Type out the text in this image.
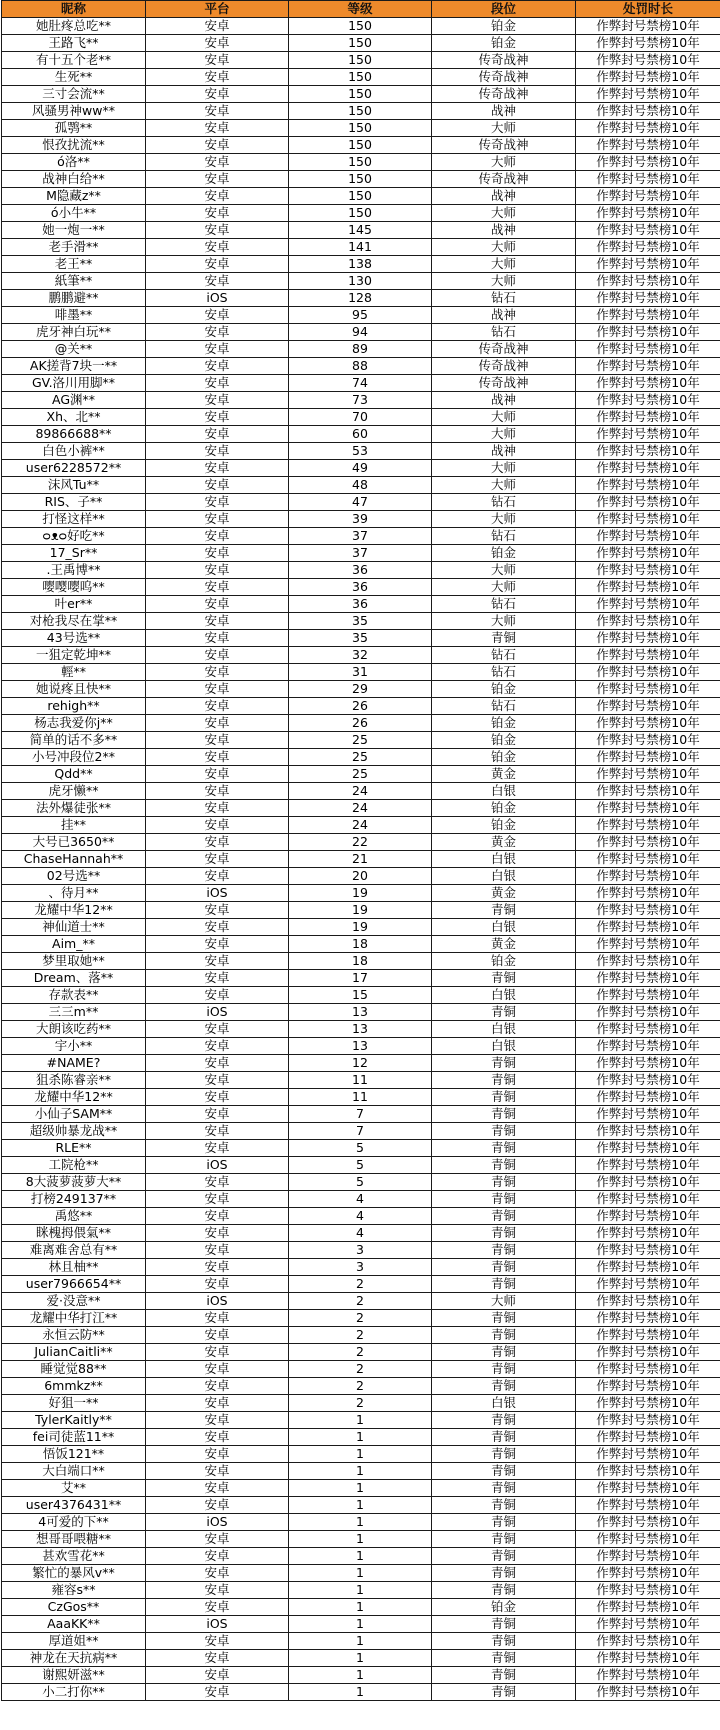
昵称	平台	等级	段位	处罚时长
她肚疼总吃**	安卓	150	铂金	作弊封号禁榜10年
王路飞**	安卓	150	铂金	作弊封号禁榜10年
有十五个老**	安卓	150	传奇战神	作弊封号禁榜10年
生死**	安卓	150	传奇战神	作弊封号禁榜10年
三寸会流**	安卓	150	传奇战神	作弊封号禁榜10年
风骚男神ww**	安卓	150	战神	作弊封号禁榜10年
孤鹗**	安卓	150	大师	作弊封号禁榜10年
恨孜扰流**	安卓	150	传奇战神	作弊封号禁榜10年
ό洛**	安卓	150	大师	作弊封号禁榜10年
战神白给**	安卓	150	传奇战神	作弊封号禁榜10年
M隐藏z**	安卓	150	战神	作弊封号禁榜10年
ό小牛**	安卓	150	大师	作弊封号禁榜10年
她一炮一**	安卓	145	战神	作弊封号禁榜10年
老手滑**	安卓	141	大师	作弊封号禁榜10年
老王**	安卓	138	大师	作弊封号禁榜10年
紙筆**	安卓	130	大师	作弊封号禁榜10年
鹏鹏避**	iOS	128	钻石	作弊封号禁榜10年
啡墨**	安卓	95	战神	作弊封号禁榜10年
虎牙神白玩**	安卓	94	钻石	作弊封号禁榜10年
@关**	安卓	89	传奇战神	作弊封号禁榜10年
AK搓背7块一**	安卓	88	传奇战神	作弊封号禁榜10年
GV.洛川用脚**	安卓	74	传奇战神	作弊封号禁榜10年
AG渊**	安卓	73	战神	作弊封号禁榜10年
Xh、北**	安卓	70	大师	作弊封号禁榜10年
89866688**	安卓	60	大师	作弊封号禁榜10年
白色小裤**	安卓	53	战神	作弊封号禁榜10年
user6228572**	安卓	49	大师	作弊封号禁榜10年
沫风Tu**	安卓	48	大师	作弊封号禁榜10年
RIS、子**	安卓	47	钻石	作弊封号禁榜10年
打怪这样**	安卓	39	大师	作弊封号禁榜10年
ᴑᴥᴑ好吃**	安卓	37	钻石	作弊封号禁榜10年
17_Sr**	安卓	37	铂金	作弊封号禁榜10年
.王禹博**	安卓	36	大师	作弊封号禁榜10年
嘤嘤嘤呜**	安卓	36	大师	作弊封号禁榜10年
叶er**	安卓	36	钻石	作弊封号禁榜10年
对枪我尽在掌**	安卓	35	大师	作弊封号禁榜10年
43号选**	安卓	35	青铜	作弊封号禁榜10年
一狙定乾坤**	安卓	32	钻石	作弊封号禁榜10年
輕**	安卓	31	钻石	作弊封号禁榜10年
她说疼且快**	安卓	29	铂金	作弊封号禁榜10年
rehigh**	安卓	26	钻石	作弊封号禁榜10年
杨志我爱你j**	安卓	26	铂金	作弊封号禁榜10年
简单的话不多**	安卓	25	铂金	作弊封号禁榜10年
小号冲段位2**	安卓	25	铂金	作弊封号禁榜10年
Qdd**	安卓	25	黄金	作弊封号禁榜10年
虎牙懒**	安卓	24	白银	作弊封号禁榜10年
法外爆徒张**	安卓	24	铂金	作弊封号禁榜10年
挂**	安卓	24	铂金	作弊封号禁榜10年
大号已3650**	安卓	22	黄金	作弊封号禁榜10年
ChaseHannah**	安卓	21	白银	作弊封号禁榜10年
02号选**	安卓	20	白银	作弊封号禁榜10年
、待月**	iOS	19	黄金	作弊封号禁榜10年
龙耀中华12**	安卓	19	青铜	作弊封号禁榜10年
神仙道士**	安卓	19	白银	作弊封号禁榜10年
Aim_**	安卓	18	黄金	作弊封号禁榜10年
梦里取她**	安卓	18	铂金	作弊封号禁榜10年
Dream、落**	安卓	17	青铜	作弊封号禁榜10年
存款表**	安卓	15	白银	作弊封号禁榜10年
三三m**	iOS	13	青铜	作弊封号禁榜10年
大朗该吃药**	安卓	13	白银	作弊封号禁榜10年
宇小**	安卓	13	白银	作弊封号禁榜10年
#NAME?	安卓	12	青铜	作弊封号禁榜10年
狙杀陈睿亲**	安卓	11	青铜	作弊封号禁榜10年
龙耀中华12**	安卓	11	青铜	作弊封号禁榜10年
小仙子SAM**	安卓	7	青铜	作弊封号禁榜10年
超级帅暴龙战**	安卓	7	青铜	作弊封号禁榜10年
RLE**	安卓	5	青铜	作弊封号禁榜10年
工院枪**	iOS	5	青铜	作弊封号禁榜10年
8大菠萝菠萝大**	安卓	5	青铜	作弊封号禁榜10年
打榜249137**	安卓	4	青铜	作弊封号禁榜10年
禹悠**	安卓	4	青铜	作弊封号禁榜10年
眯槐拇偎氣**	安卓	4	青铜	作弊封号禁榜10年
难离难舍总有**	安卓	3	青铜	作弊封号禁榜10年
林且柚**	安卓	3	青铜	作弊封号禁榜10年
user7966654**	安卓	2	青铜	作弊封号禁榜10年
爱·没意**	iOS	2	大师	作弊封号禁榜10年
龙耀中华打江**	安卓	2	青铜	作弊封号禁榜10年
永恒云防**	安卓	2	青铜	作弊封号禁榜10年
JulianCaitli**	安卓	2	青铜	作弊封号禁榜10年
睡觉觉88**	安卓	2	青铜	作弊封号禁榜10年
6mmkz**	安卓	2	青铜	作弊封号禁榜10年
好狙一**	安卓	2	白银	作弊封号禁榜10年
TylerKaitly**	安卓	1	青铜	作弊封号禁榜10年
fei司徒蓝11**	安卓	1	青铜	作弊封号禁榜10年
悟饭121**	安卓	1	青铜	作弊封号禁榜10年
大白端口**	安卓	1	青铜	作弊封号禁榜10年
艾**	安卓	1	青铜	作弊封号禁榜10年
user4376431**	安卓	1	青铜	作弊封号禁榜10年
4可爱的下**	iOS	1	青铜	作弊封号禁榜10年
想哥哥喂糖**	安卓	1	青铜	作弊封号禁榜10年
甚欢雪花**	安卓	1	青铜	作弊封号禁榜10年
繁忙的暴风v**	安卓	1	青铜	作弊封号禁榜10年
雍容s**	安卓	1	青铜	作弊封号禁榜10年
CzGos**	安卓	1	铂金	作弊封号禁榜10年
AaaKK**	iOS	1	青铜	作弊封号禁榜10年
厚道姐**	安卓	1	青铜	作弊封号禁榜10年
神龙在天抗病**	安卓	1	青铜	作弊封号禁榜10年
谢熙妍滋**	安卓	1	青铜	作弊封号禁榜10年
小二打你**	安卓	1	青铜	作弊封号禁榜10年
